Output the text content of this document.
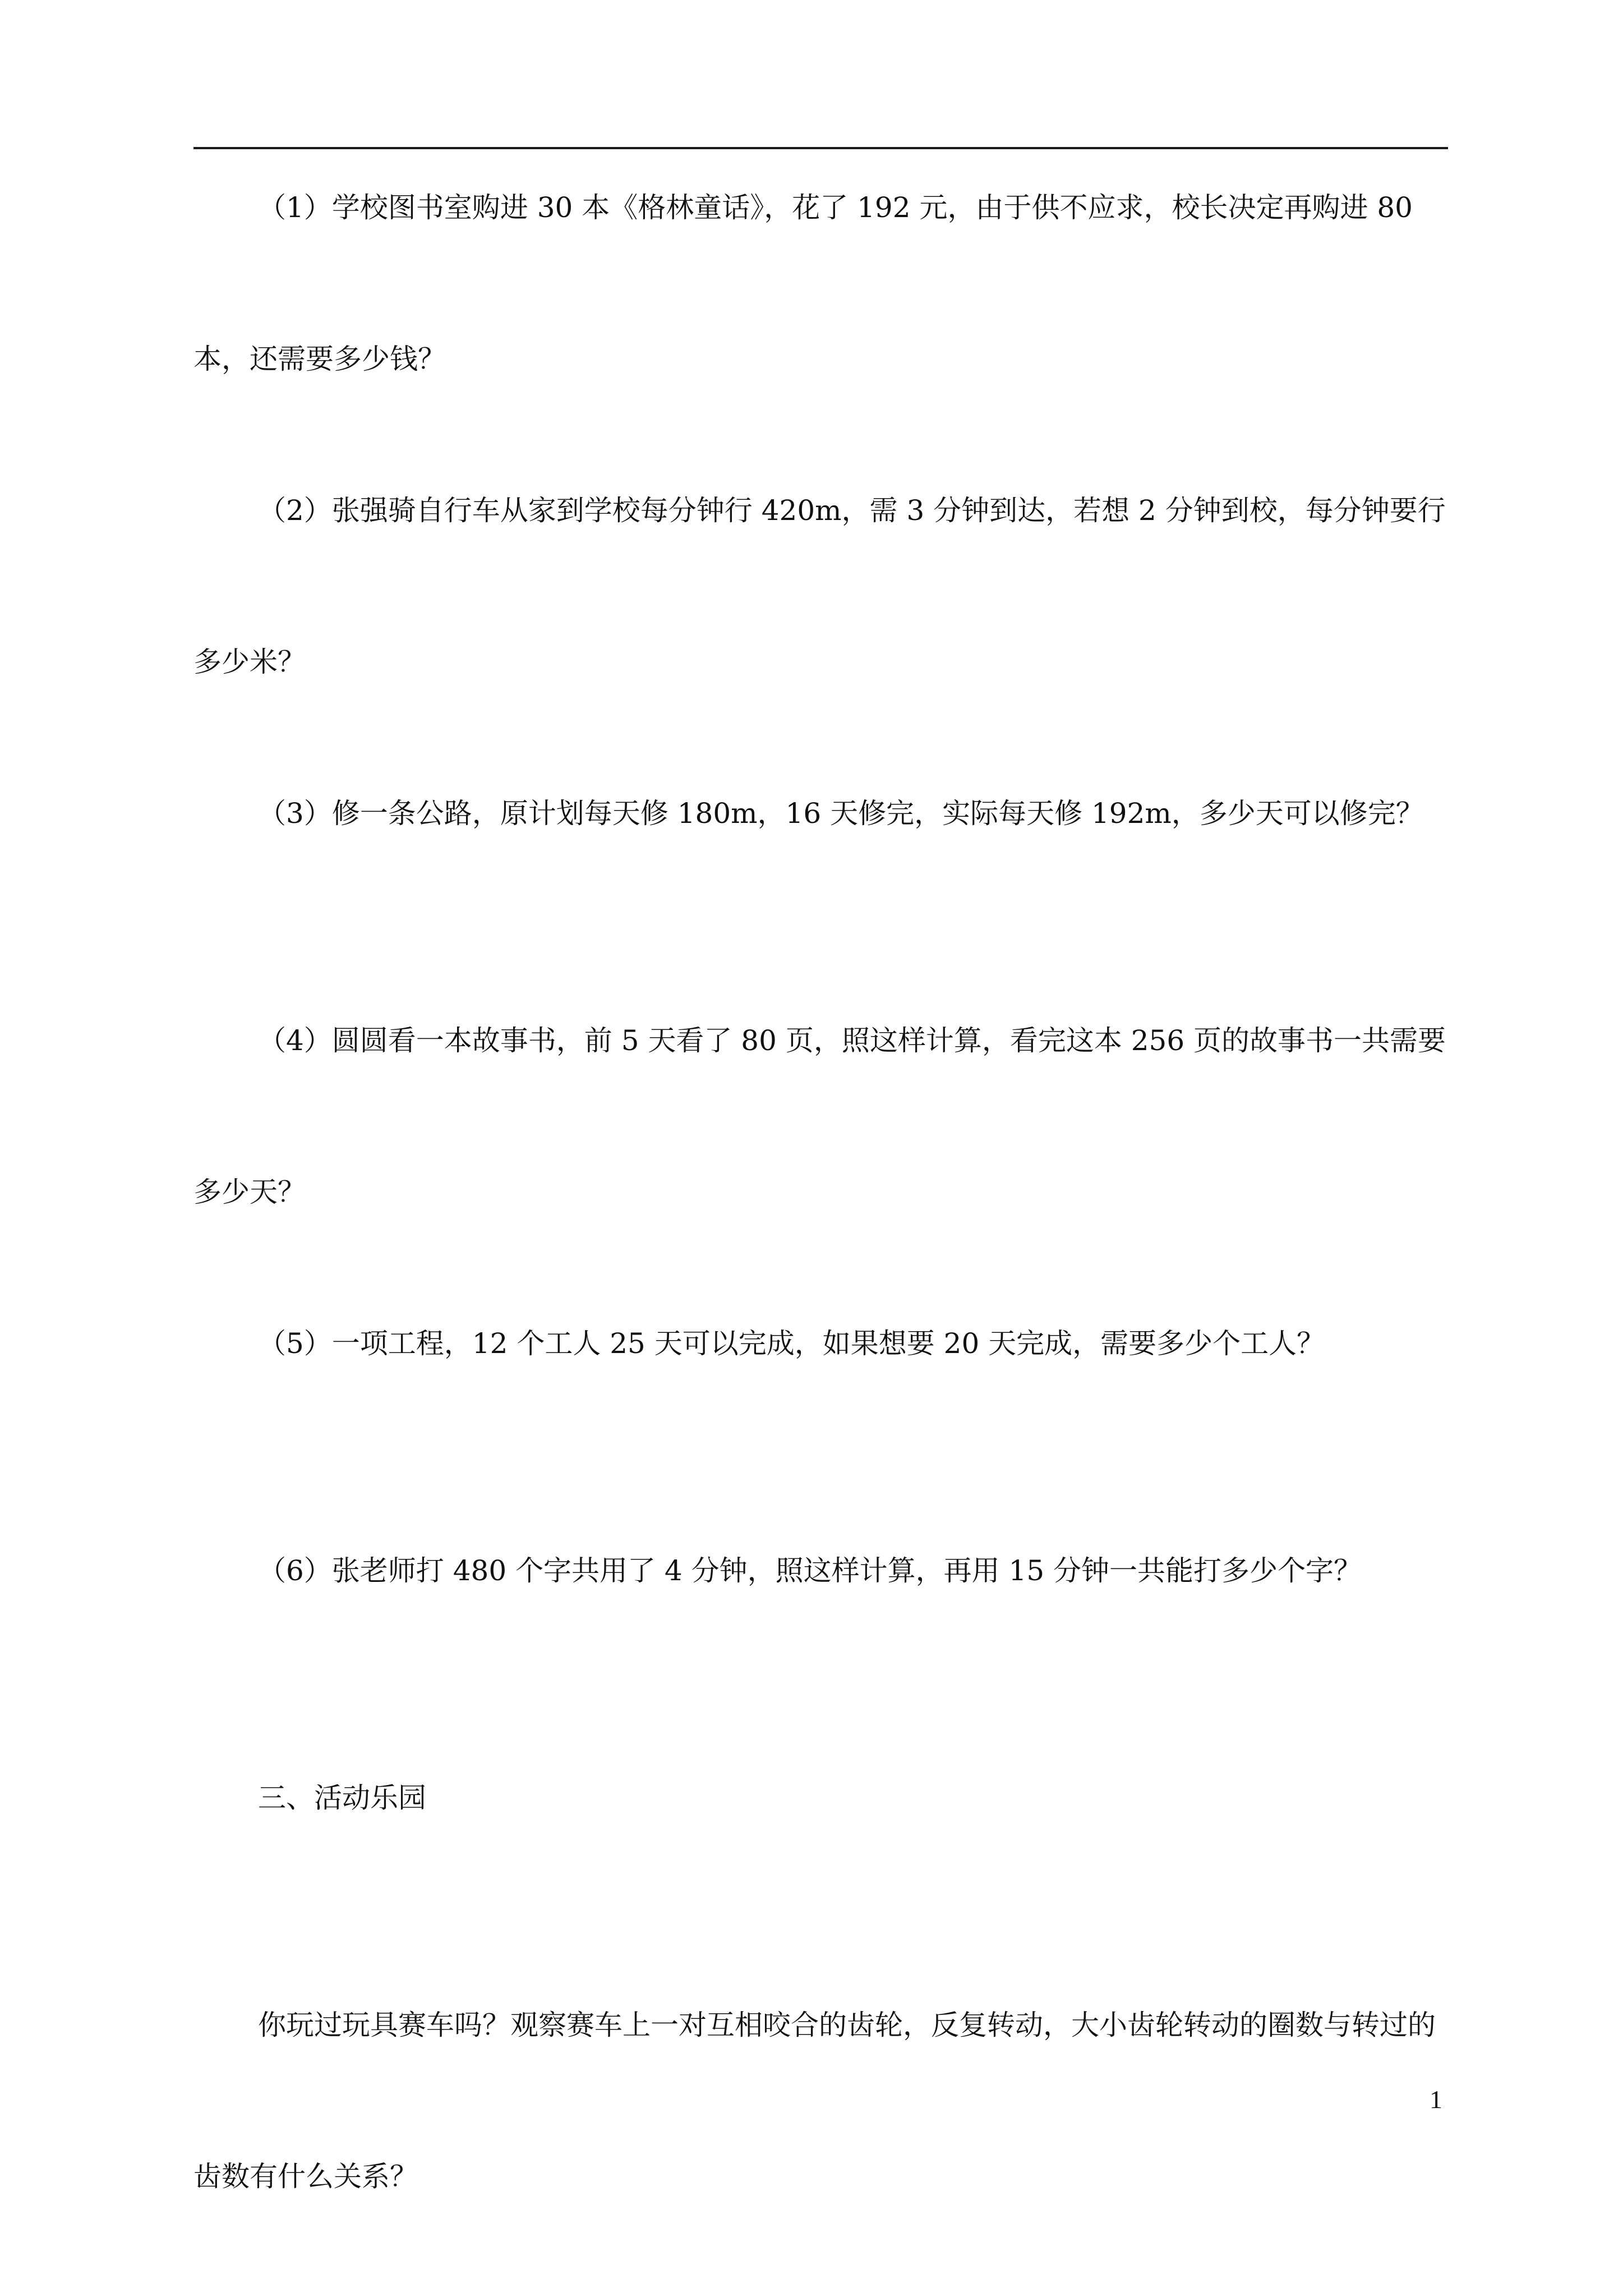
（1）学校图书室购进 30 本《格林童话》，花了 192 元，由于供不应求，校长决定再购进 80 本，还需要多少钱？

（2）张强骑自行车从家到学校每分钟行 420m，需 3 分钟到达，若想 2 分钟到校，每分钟要行多少米？

（3）修一条公路，原计划每天修 180m，16 天修完，实际每天修 192m，多少天可以修完？

（4）圆圆看一本故事书，前 5 天看了 80 页，照这样计算，看完这本 256 页的故事书一共需要多少天？

（5）一项工程，12 个工人 25 天可以完成，如果想要 20 天完成，需要多少个工人？

（6）张老师打 480 个字共用了 4 分钟，照这样计算，再用 15 分钟一共能打多少个字？

三、活动乐园

你玩过玩具赛车吗？观察赛车上一对互相咬合的齿轮，反复转动，大小齿轮转动的圈数与转过的齿数有什么关系？

1
